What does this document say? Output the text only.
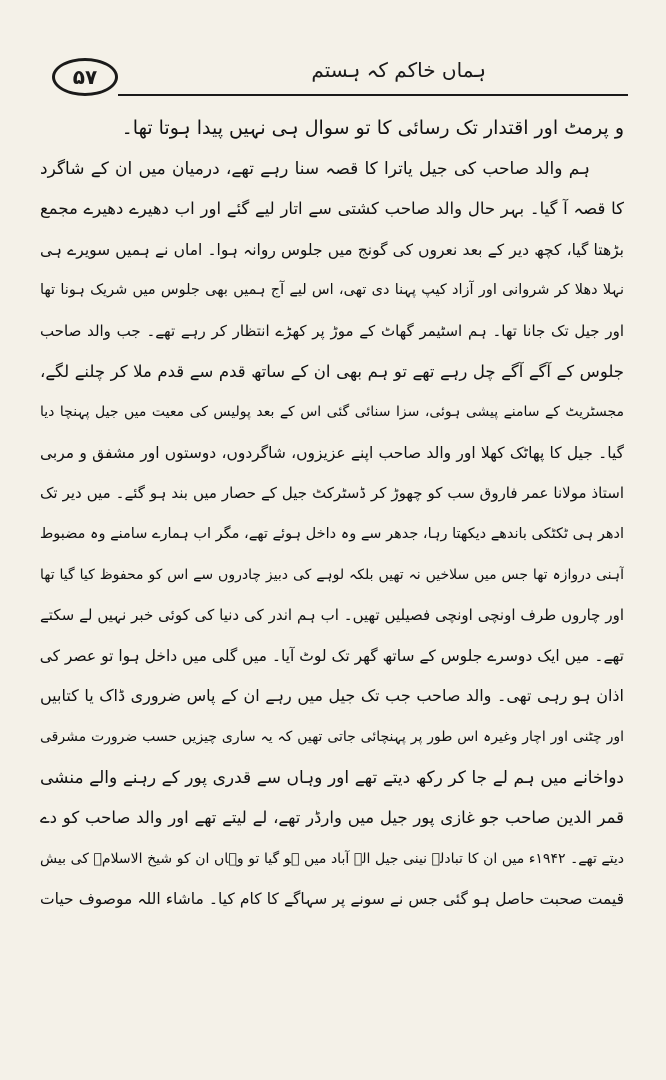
۵۷	ہماں خاکم کہ ہستم
و پرمٹ اور اقتدار تک رسائی کا تو سوال ہی نہیں پیدا ہوتا تھا۔
ہم والد صاحب کی جیل یاترا کا قصہ سنا رہے تھے، درمیان میں ان کے شاگرد
کا قصہ آ گیا۔ بہر حال والد صاحب کشتی سے اتار لیے گئے اور اب دھیرے دھیرے مجمع
بڑھتا گیا، کچھ دیر کے بعد نعروں کی گونج میں جلوس روانہ ہوا۔ اماں نے ہمیں سویرے ہی
نہلا دھلا کر شروانی اور آزاد کیپ پہنا دی تھی، اس لیے آج ہمیں بھی جلوس میں شریک ہونا تھا
اور جیل تک جانا تھا۔ ہم اسٹیمر گھاٹ کے موڑ پر کھڑے انتظار کر رہے تھے۔ جب والد صاحب
جلوس کے آگے آگے چل رہے تھے تو ہم بھی ان کے ساتھ قدم سے قدم ملا کر چلنے لگے،
مجسٹریٹ کے سامنے پیشی ہوئی، سزا سنائی گئی اس کے بعد پولیس کی معیت میں جیل پہنچا دیا
گیا۔ جیل کا پھاٹک کھلا اور والد صاحب اپنے عزیزوں، شاگردوں، دوستوں اور مشفق و مربی
استاذ مولانا عمر فاروق سب کو چھوڑ کر ڈسٹرکٹ جیل کے حصار میں بند ہو گئے۔ میں دیر تک
ادھر ہی ٹکٹکی باندھے دیکھتا رہا، جدھر سے وہ داخل ہوئے تھے، مگر اب ہمارے سامنے وہ مضبوط
آہنی دروازہ تھا جس میں سلاخیں نہ تھیں بلکہ لوہے کی دبیز چادروں سے اس کو محفوظ کیا گیا تھا
اور چاروں طرف اونچی اونچی فصیلیں تھیں۔ اب ہم اندر کی دنیا کی کوئی خبر نہیں لے سکتے
تھے۔ میں ایک دوسرے جلوس کے ساتھ گھر تک لوٹ آیا۔ میں گلی میں داخل ہوا تو عصر کی
اذان ہو رہی تھی۔ والد صاحب جب تک جیل میں رہے ان کے پاس ضروری ڈاک یا کتابیں
اور چٹنی اور اچار وغیرہ اس طور پر پہنچائی جاتی تھیں کہ یہ ساری چیزیں حسب ضرورت مشرقی
دواخانے میں ہم لے جا کر رکھ دیتے تھے اور وہاں سے قدری پور کے رہنے والے منشی
قمر الدین صاحب جو غازی پور جیل میں وارڈر تھے، لے لیتے تھے اور والد صاحب کو دے
دیتے تھے۔ ۱۹۴۲ء میں ان کا تبادلہ نینی جیل الہ آباد میں ہو گیا تو وہاں ان کو شیخ الاسلامؒ کی بیش
قیمت صحبت حاصل ہو گئی جس نے سونے پر سہاگے کا کام کیا۔ ماشاء اللہ موصوف حیات
